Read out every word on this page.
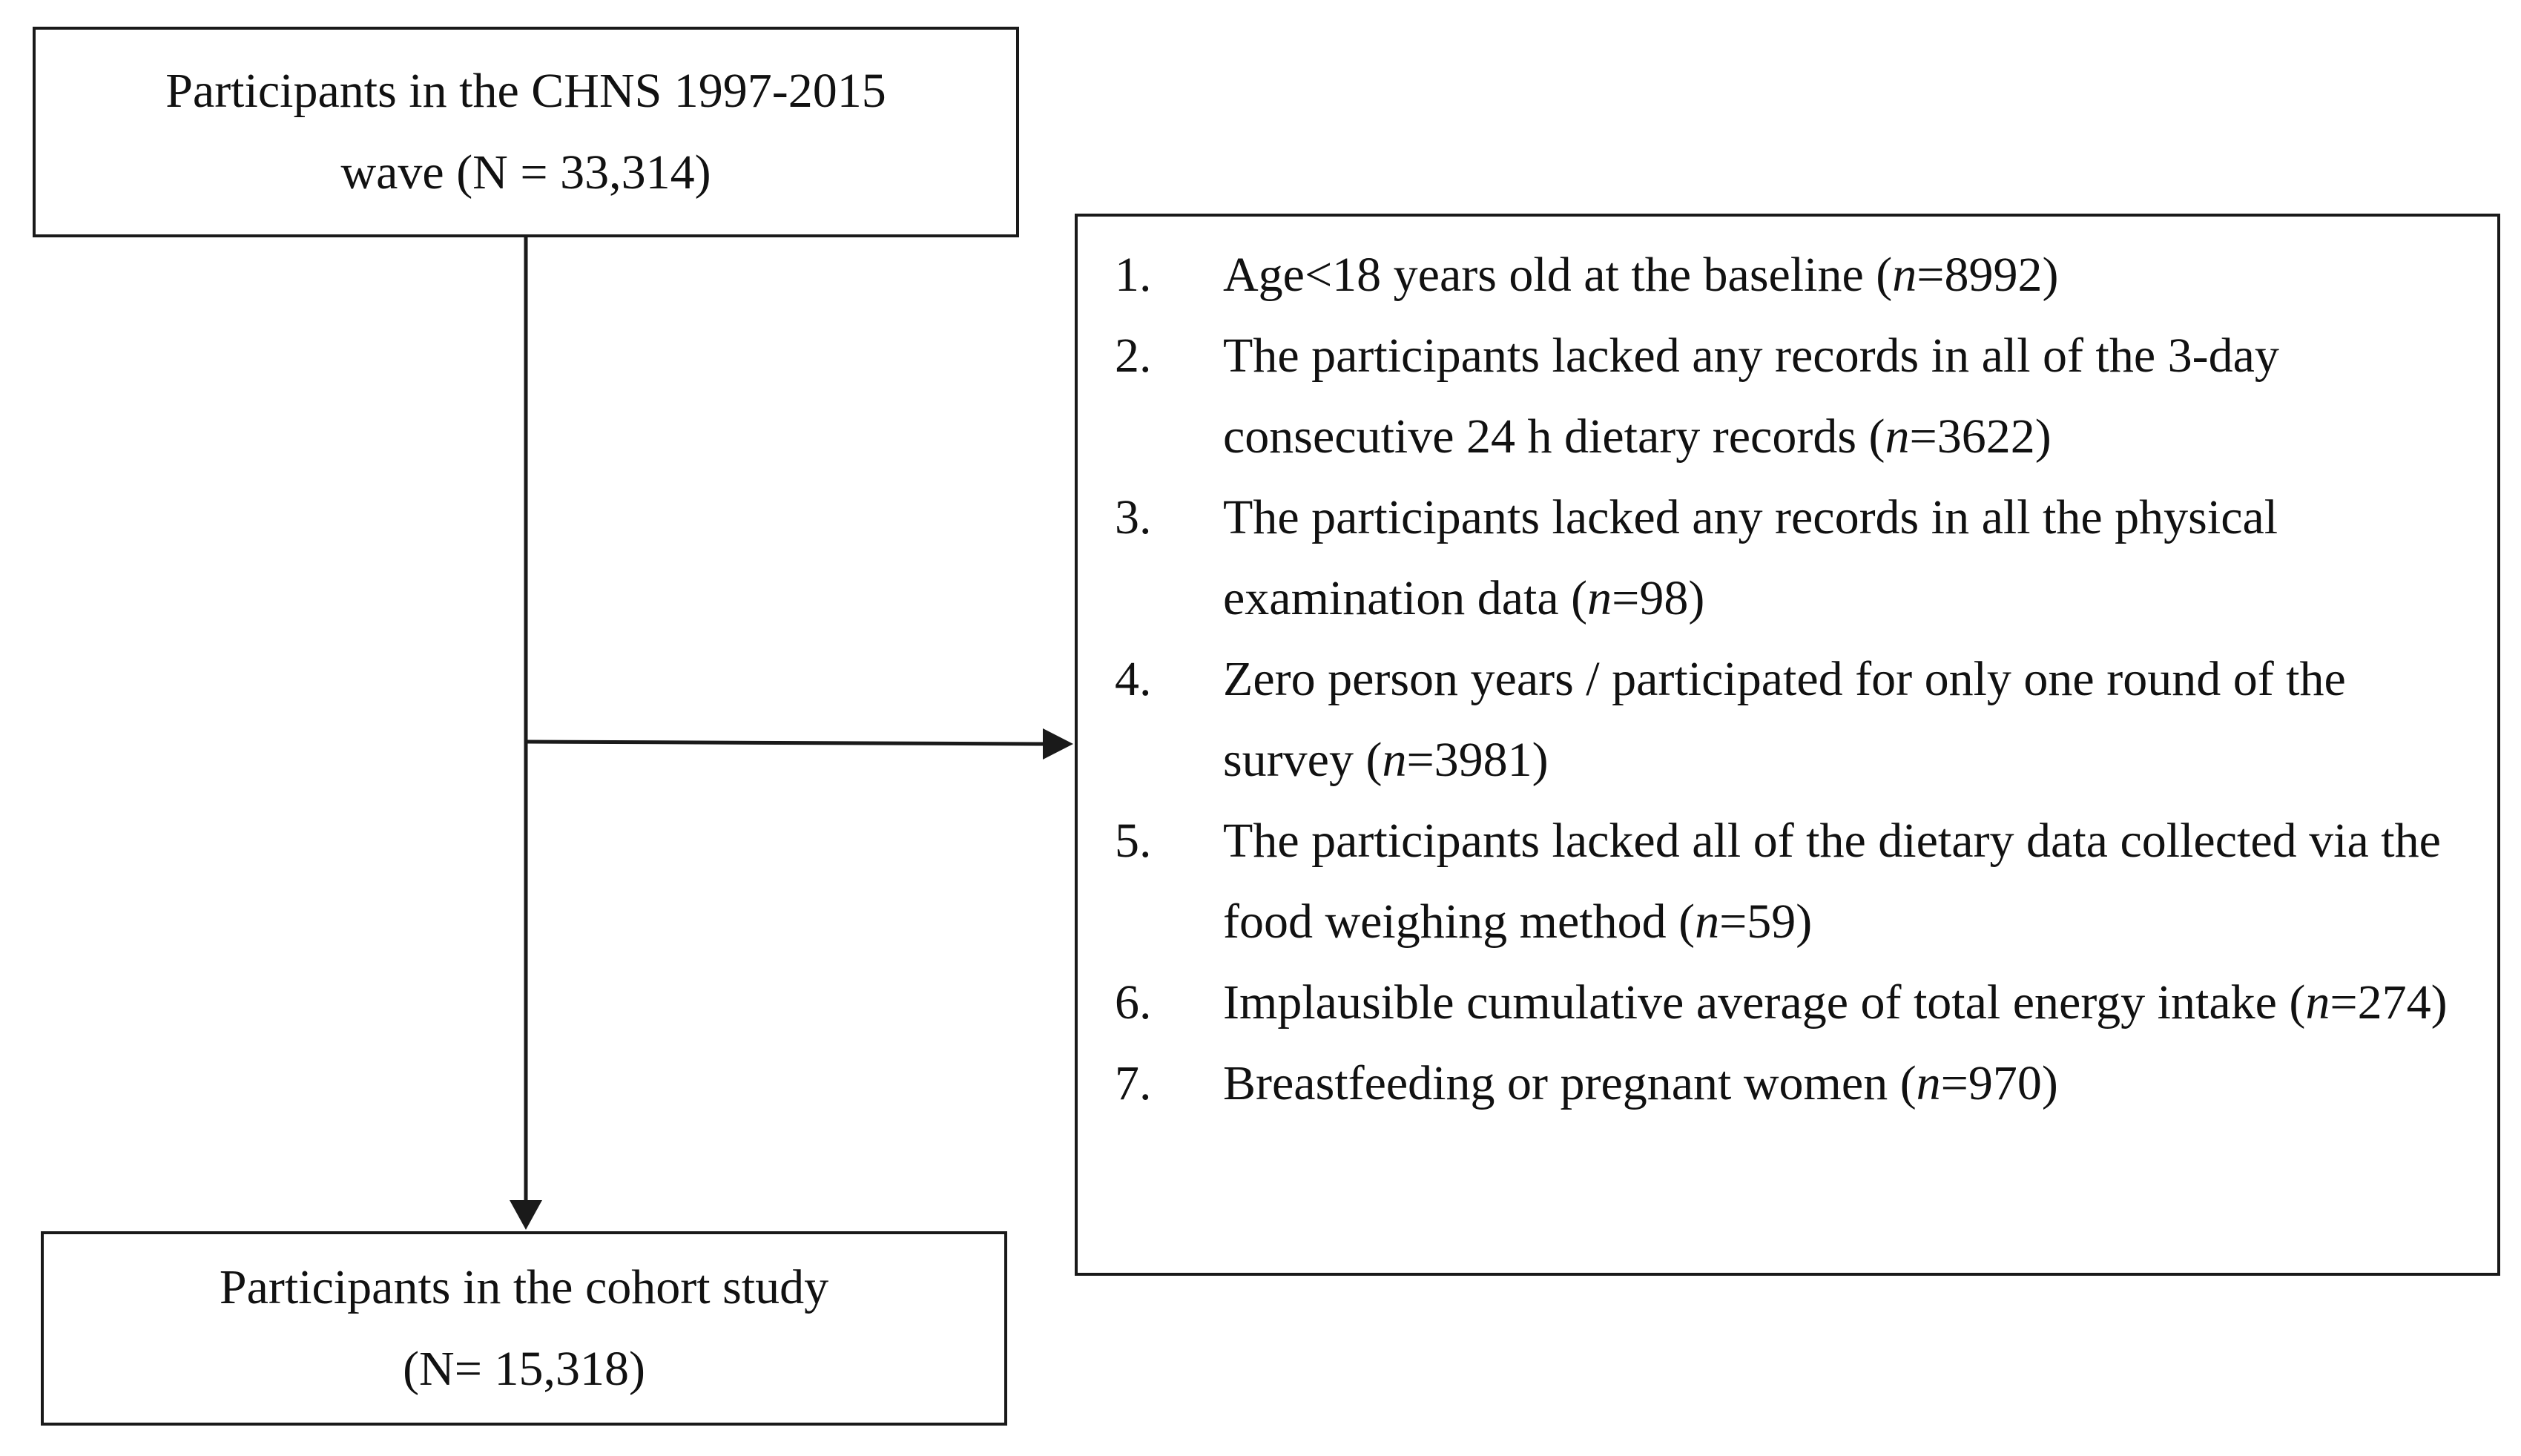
Participants in the CHNS 1997-2015
wave (N = 33,314)
1.	Age<18 years old at the baseline (n=8992)
2.	The participants lacked any records in all of the 3-day consecutive 24 h dietary records (n=3622)
3.	The participants lacked any records in all the physical examination data (n=98)
4.	Zero person years / participated for only one round of the survey (n=3981)
5.	The participants lacked all of the dietary data collected via the food weighing method (n=59)
6.	Implausible cumulative average of total energy intake (n=274)
7.	Breastfeeding or pregnant women (n=970)
Participants in the cohort study
(N= 15,318)
